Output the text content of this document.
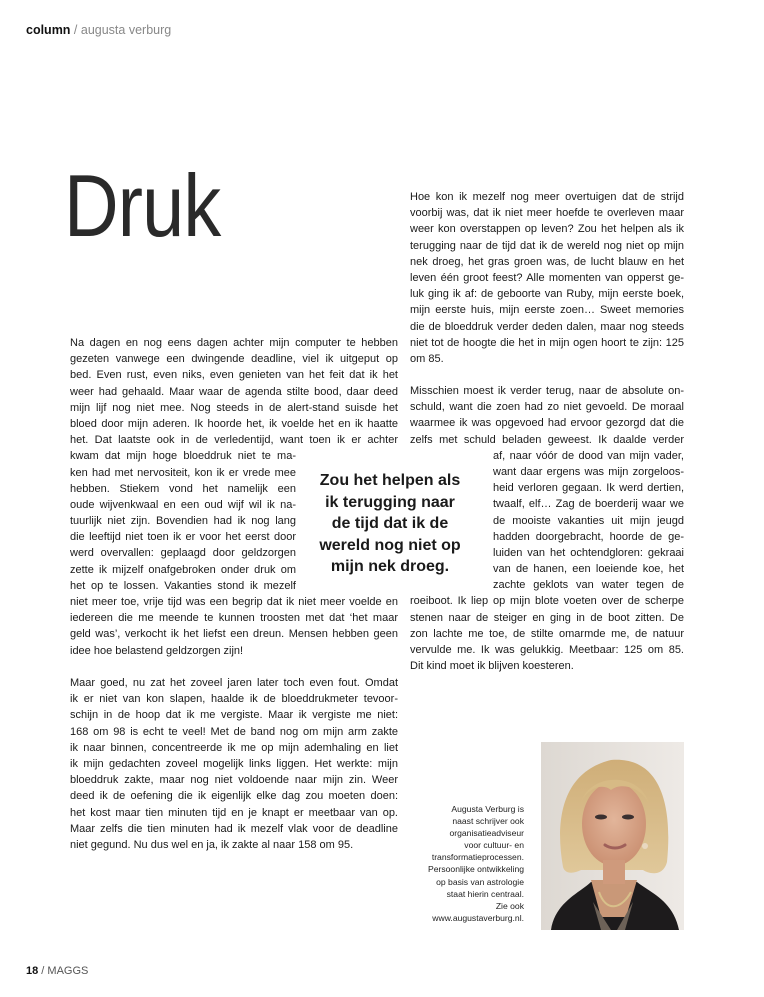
column / augusta verburg
Druk
Na dagen en nog eens dagen achter mijn computer te hebben
gezeten vanwege een dwingende deadline, viel ik uitgeput op
bed. Even rust, even niks, even genieten van het feit dat ik het
weer had gehaald. Maar waar de agenda stilte bood, daar deed
mijn lijf nog niet mee. Nog steeds in de alert-stand suisde het
bloed door mijn aderen. Ik hoorde het, ik voelde het en ik haatte
het. Dat laatste ook in de verledentijd, want toen ik er achter
kwam dat mijn hoge bloeddruk niet te ma-
ken had met nervositeit, kon ik er vrede mee
hebben. Stiekem vond het namelijk een
oude wijvenkwaal en een oud wijf wil ik na-
tuurlijk niet zijn. Bovendien had ik nog lang
die leeftijd niet toen ik er voor het eerst door
werd overvallen: geplaagd door geldzorgen
zette ik mijzelf onafgebroken onder druk om
het op te lossen. Vakanties stond ik mezelf
niet meer toe, vrije tijd was een begrip dat ik niet meer voelde en
iedereen die me meende te kunnen troosten met dat ‘het maar
geld was’, verkocht ik het liefst een dreun. Mensen hebben geen
idee hoe belastend geldzorgen zijn!
Maar goed, nu zat het zoveel jaren later toch even fout. Omdat
ik er niet van kon slapen, haalde ik de bloeddrukmeter tevoor-
schijn in de hoop dat ik me vergiste. Maar ik vergiste me niet:
168 om 98 is echt te veel! Met de band nog om mijn arm zakte
ik naar binnen, concentreerde ik me op mijn ademhaling en liet
ik mijn gedachten zoveel mogelijk links liggen. Het werkte: mijn
bloeddruk zakte, maar nog niet voldoende naar mijn zin. Weer
deed ik de oefening die ik eigenlijk elke dag zou moeten doen:
het kost maar tien minuten tijd en je knapt er meetbaar van op.
Maar zelfs die tien minuten had ik mezelf vlak voor de deadline
niet gegund. Nu dus wel en ja, ik zakte al naar 158 om 95.
Hoe kon ik mezelf nog meer overtuigen dat de strijd
voorbij was, dat ik niet meer hoefde te overleven maar
weer kon overstappen op leven? Zou het helpen als ik
terugging naar de tijd dat ik de wereld nog niet op mijn
nek droeg, het gras groen was, de lucht blauw en het
leven één groot feest? Alle momenten van opperst ge-
luk ging ik af: de geboorte van Ruby, mijn eerste boek,
mijn eerste huis, mijn eerste zoen… Sweet memories
die de bloeddruk verder deden dalen, maar nog steeds
niet tot de hoogte die het in mijn ogen hoort te zijn: 125
om 85.
Misschien moest ik verder terug, naar de absolute on-
schuld, want die zoen had zo niet gevoeld. De moraal
waarmee ik was opgevoed had ervoor gezorgd dat die
zelfs met schuld beladen geweest. Ik daalde verder
af, naar vóór de dood van mijn vader,
want daar ergens was mijn zorgeloos-
heid verloren gegaan. Ik werd dertien,
twaalf, elf… Zag de boerderij waar we
de mooiste vakanties uit mijn jeugd
hadden doorgebracht, hoorde de ge-
luiden van het ochtendgloren: gekraai
van de hanen, een loeiende koe, het
zachte geklots van water tegen de
roeiboot. Ik liep op mijn blote voeten over de scherpe
stenen naar de steiger en ging in de boot zitten. De
zon lachte me toe, de stilte omarmde me, de natuur
vervulde me. Ik was gelukkig. Meetbaar: 125 om 85.
Dit kind moet ik blijven koesteren.
Zou het helpen als
ik terugging naar
de tijd dat ik de
wereld nog niet op
mijn nek droeg.
Augusta Verburg is
naast schrijver ook
organisatieadviseur
voor cultuur- en
transformatieprocessen.
Persoonlijke ontwikkeling
op basis van astrologie
staat hierin centraal.
Zie ook
www.augustaverburg.nl.
18 / MAGGS
